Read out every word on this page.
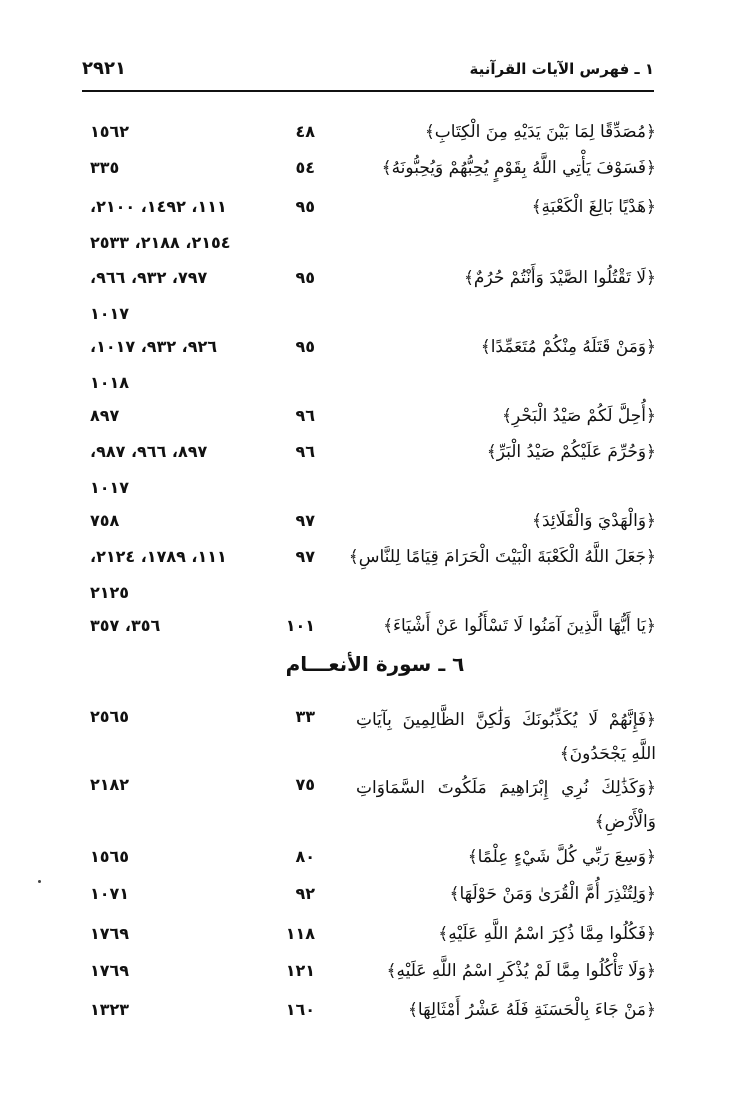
١ ـ فهرس الآيات القرآنية
٢٩٢١
﴿مُصَدِّقًا لِمَا بَيْنَ يَدَيْهِ مِنَ الْكِتَابِ﴾
٤٨
١٥٦٢
﴿فَسَوْفَ يَأْتِي اللَّهُ بِقَوْمٍ يُحِبُّهُمْ وَيُحِبُّونَهُ﴾
٥٤
٣٣٥
﴿هَدْيًا بَالِغَ الْكَعْبَةِ﴾
٩٥
١١١، ١٤٩٢، ٢١٠٠،
٢١٥٤، ٢١٨٨، ٢٥٣٣
﴿لَا تَقْتُلُوا الصَّيْدَ وَأَنْتُمْ حُرُمٌ﴾
٩٥
٧٩٧، ٩٣٢، ٩٦٦،
١٠١٧
﴿وَمَنْ قَتَلَهُ مِنْكُمْ مُتَعَمِّدًا﴾
٩٥
٩٢٦، ٩٣٢، ١٠١٧،
١٠١٨
﴿أُحِلَّ لَكُمْ صَيْدُ الْبَحْرِ﴾
٩٦
٨٩٧
﴿وَحُرِّمَ عَلَيْكُمْ صَيْدُ الْبَرِّ﴾
٩٦
٨٩٧، ٩٦٦، ٩٨٧،
١٠١٧
﴿وَالْهَدْيَ وَالْقَلَائِدَ﴾
٩٧
٧٥٨
﴿جَعَلَ اللَّهُ الْكَعْبَةَ الْبَيْتَ الْحَرَامَ قِيَامًا لِلنَّاسِ﴾
٩٧
١١١، ١٧٨٩، ٢١٢٤،
٢١٢٥
﴿يَا أَيُّهَا الَّذِينَ آمَنُوا لَا تَسْأَلُوا عَنْ أَشْيَاءَ﴾
١٠١
٣٥٦، ٣٥٧
٦ ـ سورة الأنعـــام
﴿فَإِنَّهُمْ لَا يُكَذِّبُونَكَ وَلَٰكِنَّ الظَّالِمِينَ بِآيَاتِ اللَّهِ يَجْحَدُونَ﴾
٣٣
٢٥٦٥
﴿وَكَذَٰلِكَ نُرِي إِبْرَاهِيمَ مَلَكُوتَ السَّمَاوَاتِ وَالْأَرْضِ﴾
٧٥
٢١٨٢
﴿وَسِعَ رَبِّي كُلَّ شَيْءٍ عِلْمًا﴾
٨٠
١٥٦٥
﴿وَلِتُنْذِرَ أُمَّ الْقُرَىٰ وَمَنْ حَوْلَهَا﴾
٩٢
١٠٧١
﴿فَكُلُوا مِمَّا ذُكِرَ اسْمُ اللَّهِ عَلَيْهِ﴾
١١٨
١٧٦٩
﴿وَلَا تَأْكُلُوا مِمَّا لَمْ يُذْكَرِ اسْمُ اللَّهِ عَلَيْهِ﴾
١٢١
١٧٦٩
﴿مَنْ جَاءَ بِالْحَسَنَةِ فَلَهُ عَشْرُ أَمْثَالِهَا﴾
١٦٠
١٣٢٣
